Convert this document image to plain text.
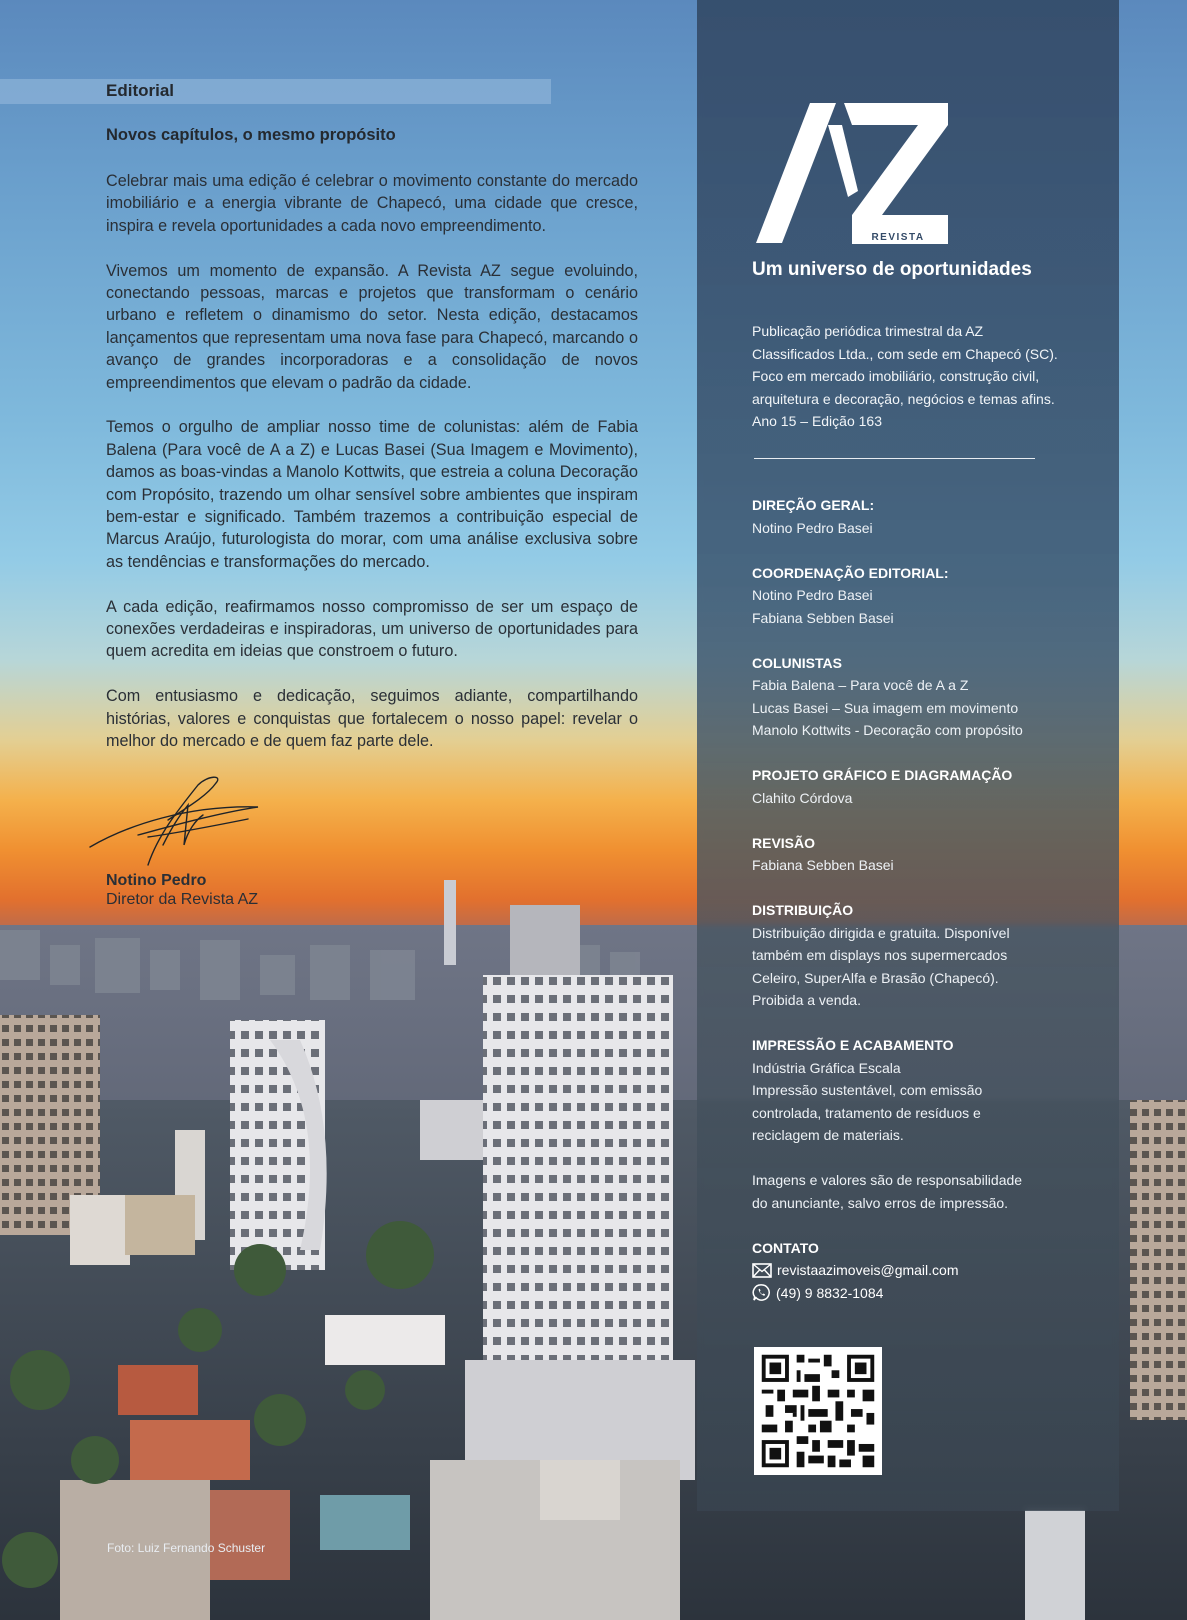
Editorial
Novos capítulos, o mesmo propósito

Celebrar mais uma edição é celebrar o movimento constante do mercado imobiliário e a energia vibrante de Chapecó, uma cidade que cresce, inspira e revela oportunidades a cada novo empreendimento.

Vivemos um momento de expansão. A Revista AZ segue evoluindo, conectando pessoas, marcas e projetos que transformam o cenário urbano e refletem o dinamismo do setor. Nesta edição, destacamos lançamentos que representam uma nova fase para Chapecó, marcando o avanço de grandes incorporadoras e a consolidação de novos empreendimentos que elevam o padrão da cidade.

Temos o orgulho de ampliar nosso time de colunistas: além de Fabia Balena (Para você de A a Z) e Lucas Basei (Sua Imagem e Movimento), damos as boas-vindas a Manolo Kottwits, que estreia a coluna Decoração com Propósito, trazendo um olhar sensível sobre ambientes que inspiram bem-estar e significado. Também trazemos a contribuição especial de Marcus Araújo, futurologista do morar, com uma análise exclusiva sobre as tendências e transformações do mercado.

A cada edição, reafirmamos nosso compromisso de ser um espaço de conexões verdadeiras e inspiradoras, um universo de oportunidades para quem acredita em ideias que constroem o futuro.

Com entusiasmo e dedicação, seguimos adiante, compartilhando histórias, valores e conquistas que fortalecem o nosso papel: revelar o melhor do mercado e de quem faz parte dele.

Notino Pedro
Diretor da Revista AZ
Foto: Luiz Fernando Schuster
REVISTA
Um universo de oportunidades
Publicação periódica trimestral da AZ
Classificados Ltda., com sede em Chapecó (SC).
Foco em mercado imobiliário, construção civil,
arquitetura e decoração, negócios e temas afins.
Ano 15 – Edição 163
DIREÇÃO GERAL:
Notino Pedro Basei
COORDENAÇÃO EDITORIAL:
Notino Pedro Basei
Fabiana Sebben Basei
COLUNISTAS
Fabia Balena – Para você de A a Z
Lucas Basei – Sua imagem em movimento
Manolo Kottwits - Decoração com propósito
PROJETO GRÁFICO E DIAGRAMAÇÃO
Clahito Córdova
REVISÃO
Fabiana Sebben Basei
DISTRIBUIÇÃO
Distribuição dirigida e gratuita. Disponível
também em displays nos supermercados
Celeiro, SuperAlfa e Brasão (Chapecó).
Proibida a venda.
IMPRESSÃO E ACABAMENTO
Indústria Gráfica Escala
Impressão sustentável, com emissão
controlada, tratamento de resíduos e
reciclagem de materiais.
Imagens e valores são de responsabilidade
do anunciante, salvo erros de impressão.
CONTATO
revistaazimoveis@gmail.com
(49) 9 8832-1084
